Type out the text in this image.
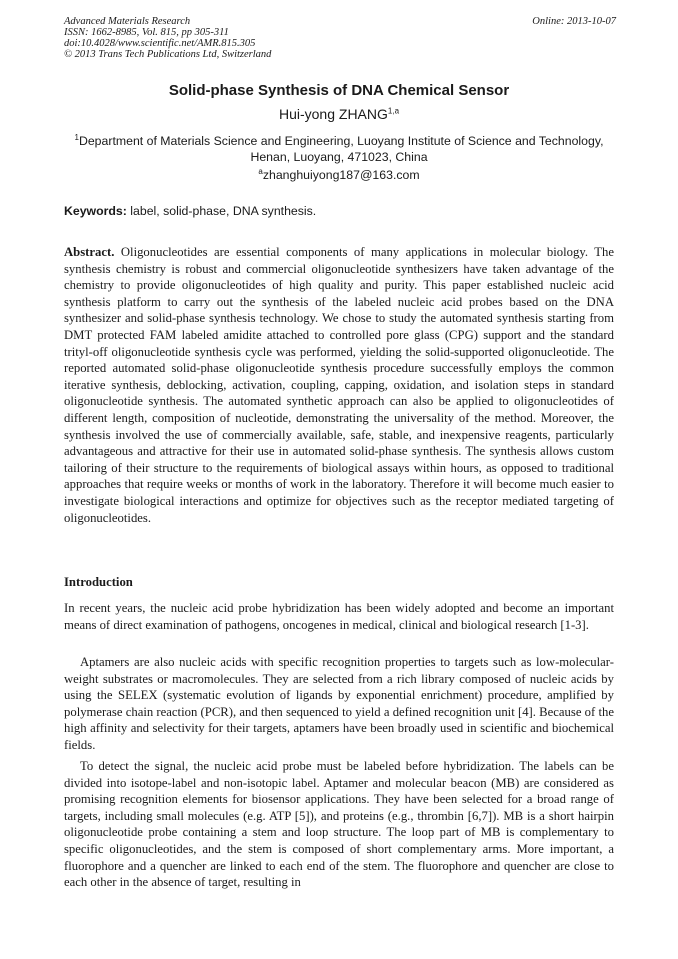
Advanced Materials Research
ISSN: 1662-8985, Vol. 815, pp 305-311
doi:10.4028/www.scientific.net/AMR.815.305
© 2013 Trans Tech Publications Ltd, Switzerland
Online: 2013-10-07
Solid-phase Synthesis of DNA Chemical Sensor
Hui-yong ZHANG$^{1,a}$
$^1$Department of Materials Science and Engineering, Luoyang Institute of Science and Technology, Henan, Luoyang, 471023, China
$^a$zhanghuiyong187@163.com
Keywords: label, solid-phase, DNA synthesis.
Abstract. Oligonucleotides are essential components of many applications in molecular biology. The synthesis chemistry is robust and commercial oligonucleotide synthesizers have taken advantage of the chemistry to provide oligonucleotides of high quality and purity. This paper established nucleic acid synthesis platform to carry out the synthesis of the labeled nucleic acid probes based on the DNA synthesizer and solid-phase synthesis technology. We chose to study the automated synthesis starting from DMT protected FAM labeled amidite attached to controlled pore glass (CPG) support and the standard trityl-off oligonucleotide synthesis cycle was performed, yielding the solid-supported oligonucleotide. The reported automated solid-phase oligonucleotide synthesis procedure successfully employs the common iterative synthesis, deblocking, activation, coupling, capping, oxidation, and isolation steps in standard oligonucleotide synthesis. The automated synthetic approach can also be applied to oligonucleotides of different length, composition of nucleotide, demonstrating the universality of the method. Moreover, the synthesis involved the use of commercially available, safe, stable, and inexpensive reagents, particularly advantageous and attractive for their use in automated solid-phase synthesis. The synthesis allows custom tailoring of their structure to the requirements of biological assays within hours, as opposed to traditional approaches that require weeks or months of work in the laboratory. Therefore it will become much easier to investigate biological interactions and optimize for objectives such as the receptor mediated targeting of oligonucleotides.
Introduction
In recent years, the nucleic acid probe hybridization has been widely adopted and become an important means of direct examination of pathogens, oncogenes in medical, clinical and biological research [1-3].
Aptamers are also nucleic acids with specific recognition properties to targets such as low-molecular-weight substrates or macromolecules. They are selected from a rich library composed of nucleic acids by using the SELEX (systematic evolution of ligands by exponential enrichment) procedure, amplified by polymerase chain reaction (PCR), and then sequenced to yield a defined recognition unit [4]. Because of the high affinity and selectivity for their targets, aptamers have been broadly used in scientific and biochemical fields.
To detect the signal, the nucleic acid probe must be labeled before hybridization. The labels can be divided into isotope-label and non-isotopic label. Aptamer and molecular beacon (MB) are considered as promising recognition elements for biosensor applications. They have been selected for a broad range of targets, including small molecules (e.g. ATP [5]), and proteins (e.g., thrombin [6,7]). MB is a short hairpin oligonucleotide probe containing a stem and loop structure. The loop part of MB is complementary to specific oligonucleotides, and the stem is composed of short complementary arms. More important, a fluorophore and a quencher are linked to each end of the stem. The fluorophore and quencher are close to each other in the absence of target, resulting in
